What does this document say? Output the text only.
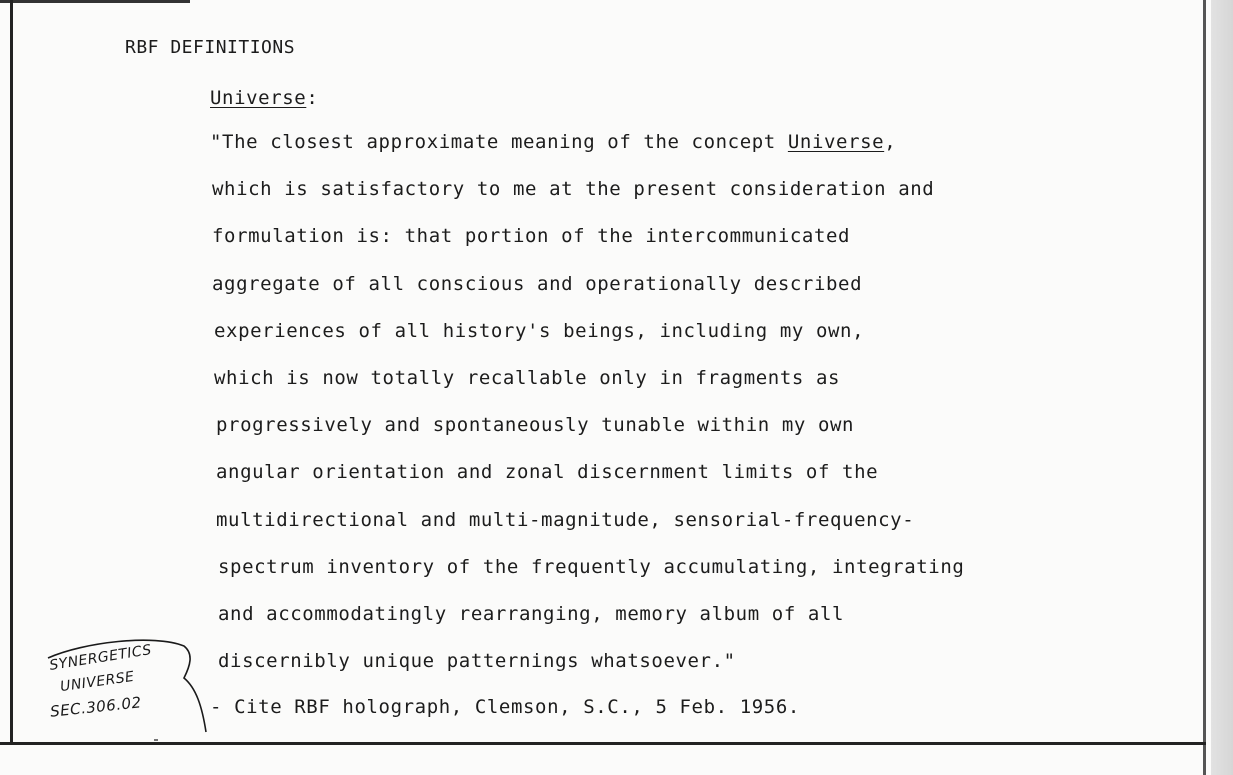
RBF DEFINITIONS
Universe:
"The closest approximate meaning of the concept Universe,
which is satisfactory to me at the present consideration and
formulation is: that portion of the intercommunicated
aggregate of all conscious and operationally described
experiences of all history's beings, including my own,
which is now totally recallable only in fragments as
progressively and spontaneously tunable within my own
angular orientation and zonal discernment limits of the
multidirectional and multi-magnitude, sensorial-frequency-
spectrum inventory of the frequently accumulating, integrating
and accommodatingly rearranging, memory album of all
discernibly unique patternings whatsoever."
SYNERGETICS
UNIVERSE
SEC.306.02	- Cite RBF holograph, Clemson, S.C., 5 Feb. 1956.
